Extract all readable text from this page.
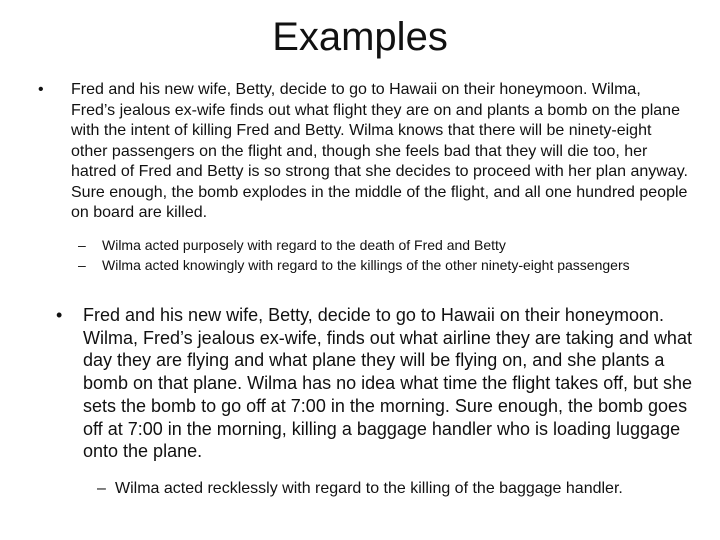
Examples
•	Fred and his new wife, Betty, decide to go to Hawaii on their honeymoon. Wilma, Fred’s jealous ex-wife finds out what flight they are on and plants a bomb on the plane with the intent of killing Fred and Betty. Wilma knows that there will be ninety-eight other passengers on the flight and, though she feels bad that they will die too, her hatred of Fred and Betty is so strong that she decides to proceed with her plan anyway. Sure enough, the bomb explodes in the middle of the flight, and all one hundred people on board are killed.
–	Wilma acted purposely with regard to the death of Fred and Betty
–	Wilma acted knowingly with regard to the killings of the other ninety-eight passengers
•	Fred and his new wife, Betty, decide to go to Hawaii on their honeymoon. Wilma, Fred’s jealous ex-wife, finds out what airline they are taking and what day they are flying and what plane they will be flying on, and she plants a bomb on that plane. Wilma has no idea what time the flight takes off, but she sets the bomb to go off at 7:00 in the morning. Sure enough, the bomb goes off at 7:00 in the morning, killing a baggage handler who is loading luggage onto the plane.
– Wilma acted recklessly with regard to the killing of the baggage handler.
